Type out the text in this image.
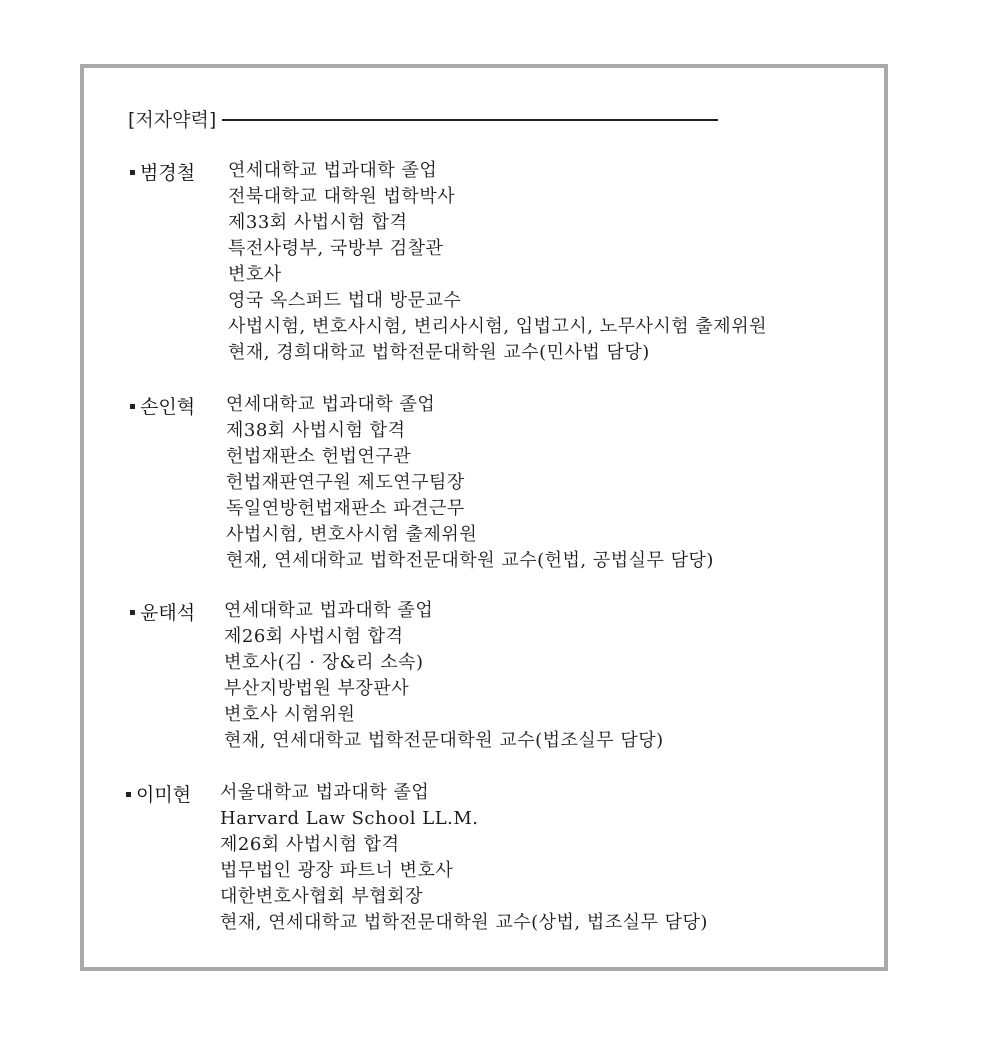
[저자약력]
범경철 연세대학교 법과대학 졸업
전북대학교 대학원 법학박사
제33회 사법시험 합격
특전사령부, 국방부 검찰관
변호사
영국 옥스퍼드 법대 방문교수
사법시험, 변호사시험, 변리사시험, 입법고시, 노무사시험 출제위원
현재, 경희대학교 법학전문대학원 교수(민사법 담당)
손인혁 연세대학교 법과대학 졸업
제38회 사법시험 합격
헌법재판소 헌법연구관
헌법재판연구원 제도연구팀장
독일연방헌법재판소 파견근무
사법시험, 변호사시험 출제위원
현재, 연세대학교 법학전문대학원 교수(헌법, 공법실무 담당)
윤태석 연세대학교 법과대학 졸업
제26회 사법시험 합격
변호사(김 · 장&리 소속)
부산지방법원 부장판사
변호사 시험위원
현재, 연세대학교 법학전문대학원 교수(법조실무 담당)
이미현 서울대학교 법과대학 졸업
Harvard Law School LL.M.
제26회 사법시험 합격
법무법인 광장 파트너 변호사
대한변호사협회 부협회장
현재, 연세대학교 법학전문대학원 교수(상법, 법조실무 담당)
